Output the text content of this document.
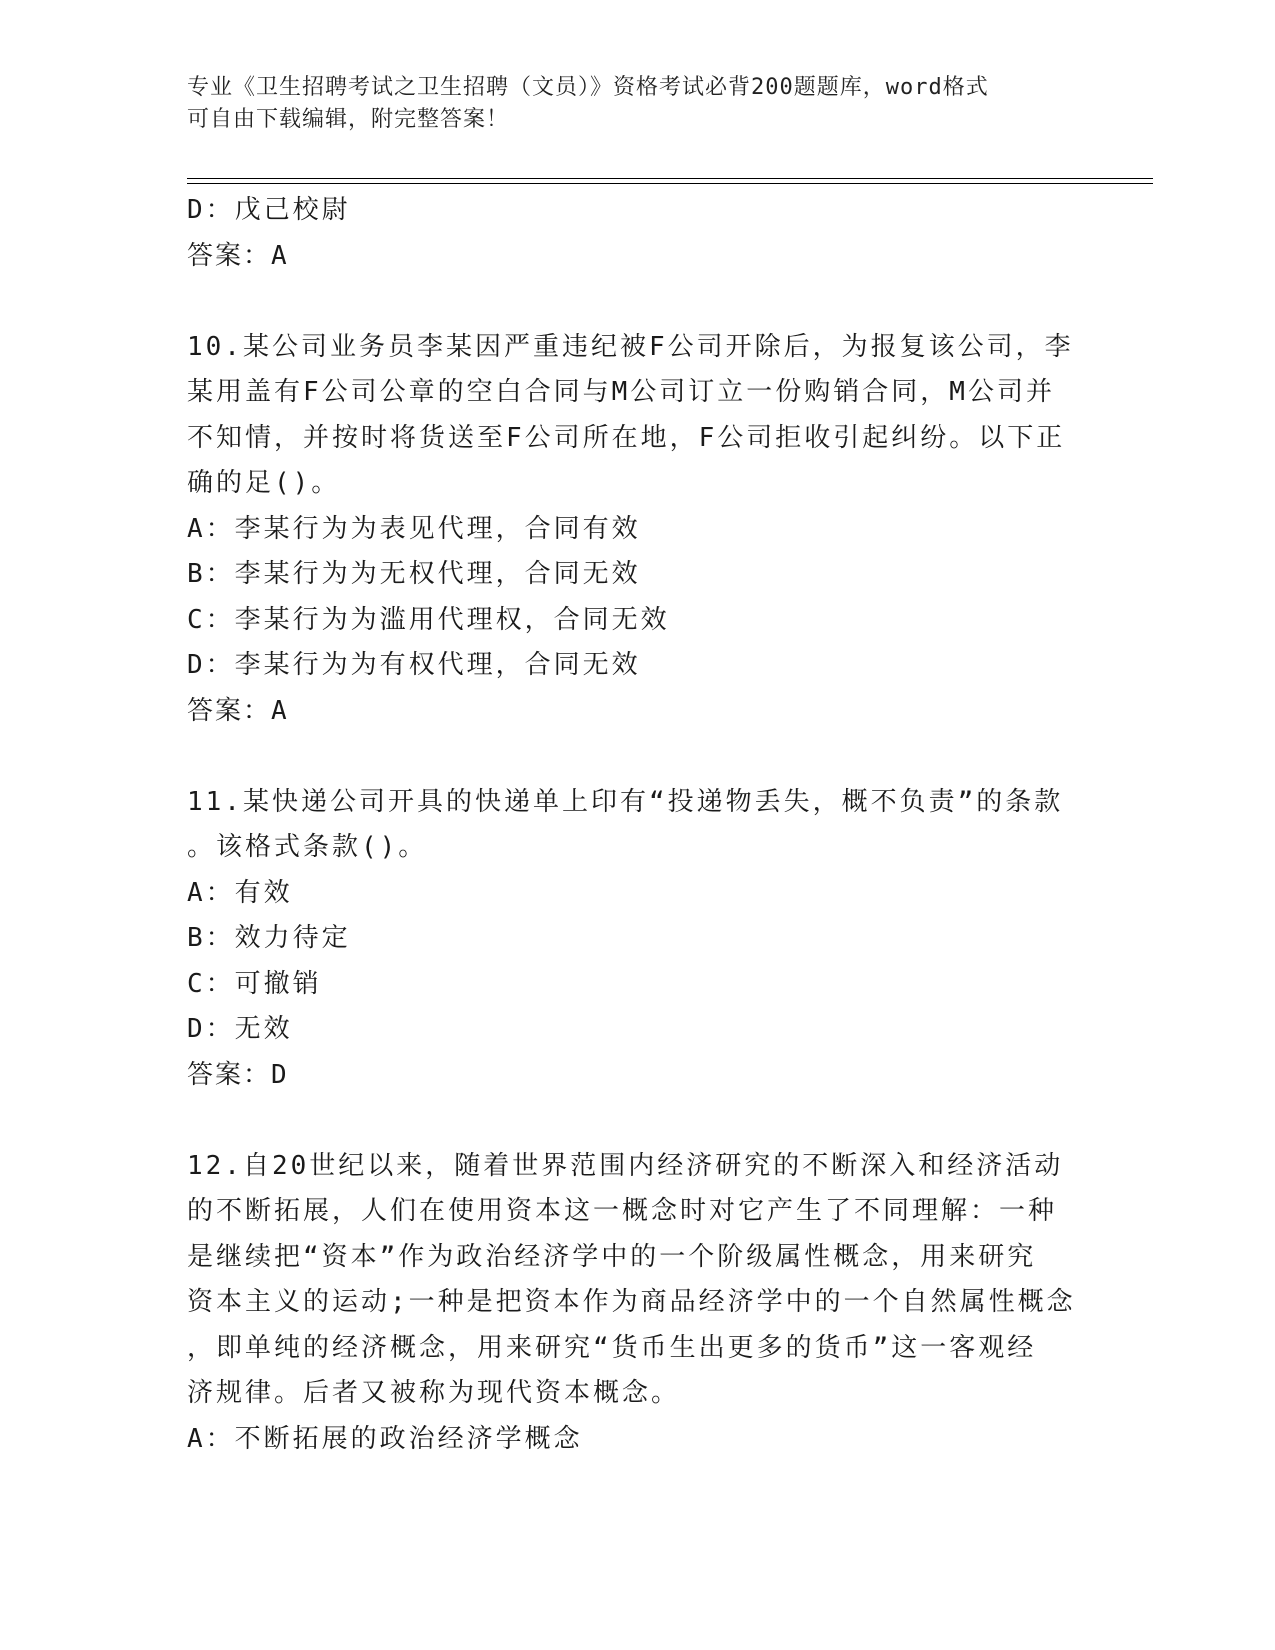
专业《卫生招聘考试之卫生招聘（文员）》资格考试必背200题题库，word格式
可自由下载编辑，附完整答案！
D：戊己校尉
答案：A
10.某公司业务员李某因严重违纪被F公司开除后，为报复该公司，李
某用盖有F公司公章的空白合同与M公司订立一份购销合同，M公司并
不知情，并按时将货送至F公司所在地，F公司拒收引起纠纷。以下正
确的足()。
A：李某行为为表见代理，合同有效
B：李某行为为无权代理，合同无效
C：李某行为为滥用代理权，合同无效
D：李某行为为有权代理，合同无效
答案：A
11.某快递公司开具的快递单上印有“投递物丢失，概不负责”的条款
。该格式条款()。
A：有效
B：效力待定
C：可撤销
D：无效
答案：D
12.自20世纪以来，随着世界范围内经济研究的不断深入和经济活动
的不断拓展，人们在使用资本这一概念时对它产生了不同理解：一种
是继续把“资本”作为政治经济学中的一个阶级属性概念，用来研究
资本主义的运动;一种是把资本作为商品经济学中的一个自然属性概念
，即单纯的经济概念，用来研究“货币生出更多的货币”这一客观经
济规律。后者又被称为现代资本概念。
A：不断拓展的政治经济学概念
